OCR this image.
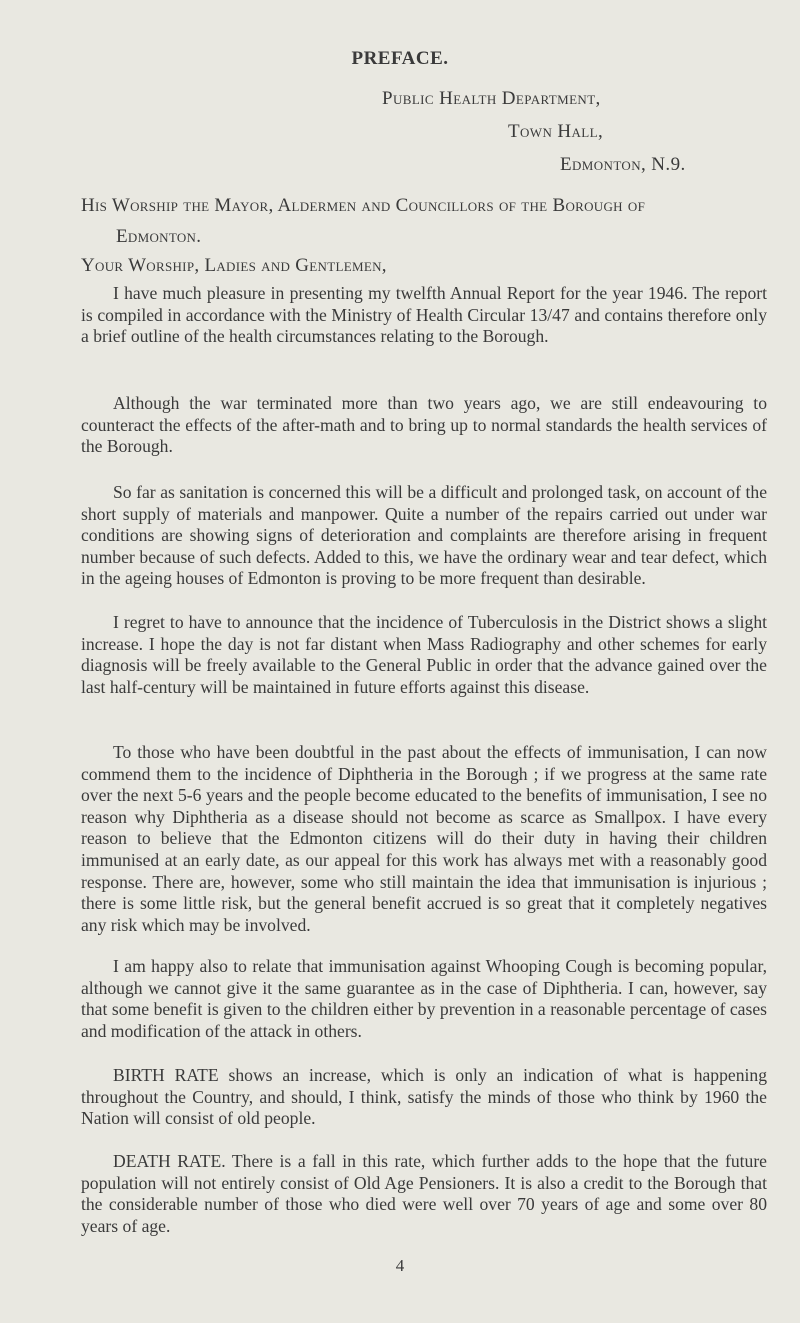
PREFACE.
Public Health Department,
Town Hall,
Edmonton, N.9.
His Worship the Mayor, Aldermen and Councillors of the Borough of
Edmonton.
Your Worship, Ladies and Gentlemen,

I have much pleasure in presenting my twelfth Annual Report for the year 1946. The report is compiled in accordance with the Ministry of Health Circular 13/47 and contains therefore only a brief outline of the health circumstances relating to the Borough.

Although the war terminated more than two years ago, we are still endeavouring to counteract the effects of the after-math and to bring up to normal standards the health services of the Borough.

So far as sanitation is concerned this will be a difficult and prolonged task, on account of the short supply of materials and manpower. Quite a number of the repairs carried out under war conditions are showing signs of deterioration and complaints are therefore arising in frequent number because of such defects. Added to this, we have the ordinary wear and tear defect, which in the ageing houses of Edmonton is proving to be more frequent than desirable.

I regret to have to announce that the incidence of Tuberculosis in the District shows a slight increase. I hope the day is not far distant when Mass Radiography and other schemes for early diagnosis will be freely available to the General Public in order that the advance gained over the last half-century will be maintained in future efforts against this disease.

To those who have been doubtful in the past about the effects of immunisation, I can now commend them to the incidence of Diphtheria in the Borough ; if we progress at the same rate over the next 5-6 years and the people become educated to the benefits of immunisation, I see no reason why Diphtheria as a disease should not become as scarce as Smallpox. I have every reason to believe that the Edmonton citizens will do their duty in having their children immunised at an early date, as our appeal for this work has always met with a reasonably good response. There are, however, some who still maintain the idea that immunisation is injurious ; there is some little risk, but the general benefit accrued is so great that it completely negatives any risk which may be involved.

I am happy also to relate that immunisation against Whooping Cough is becoming popular, although we cannot give it the same guarantee as in the case of Diphtheria. I can, however, say that some benefit is given to the children either by prevention in a reasonable percentage of cases and modification of the attack in others.

BIRTH RATE shows an increase, which is only an indication of what is happening throughout the Country, and should, I think, satisfy the minds of those who think by 1960 the Nation will consist of old people.

DEATH RATE. There is a fall in this rate, which further adds to the hope that the future population will not entirely consist of Old Age Pensioners. It is also a credit to the Borough that the considerable number of those who died were well over 70 years of age and some over 80 years of age.

4
